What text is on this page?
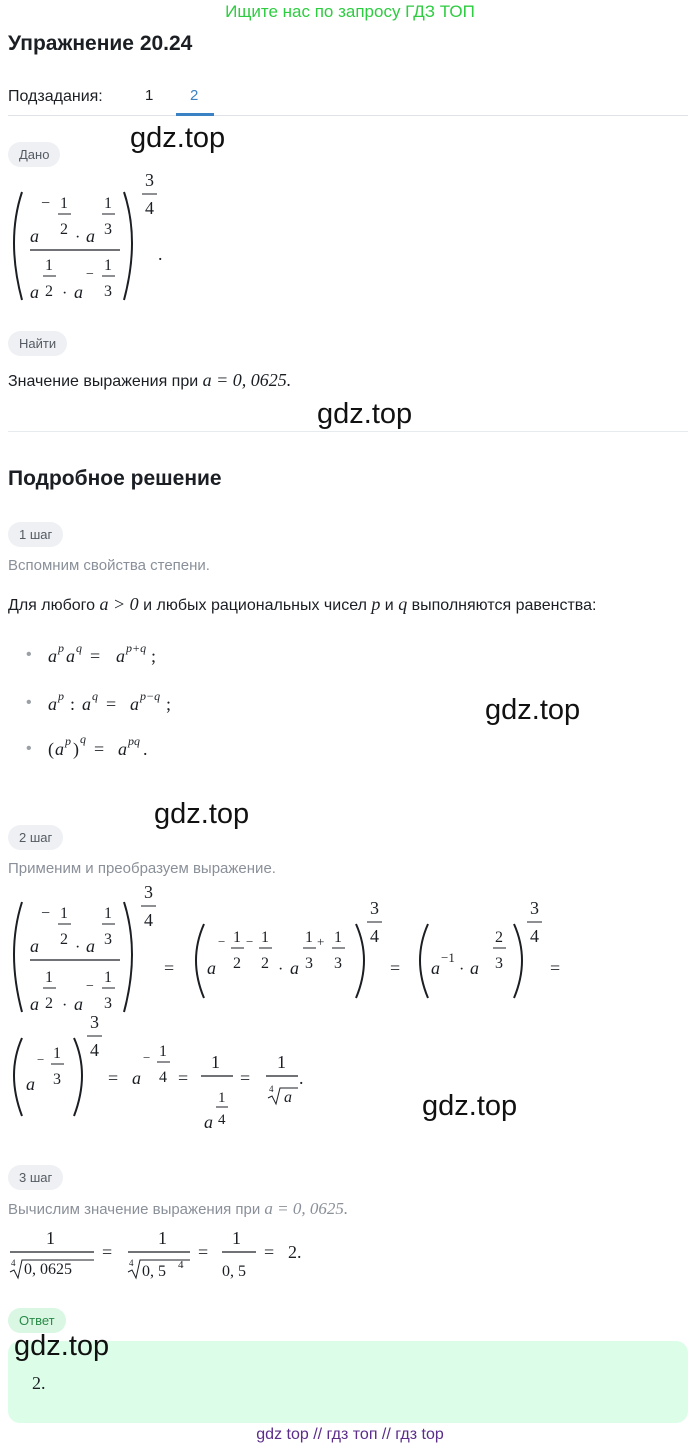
Ищите нас по запросу ГДЗ ТОП
Упражнение 20.24
Подзадания:	1 2
gdz.top
Дано
a
− 1
2 · a
1
3
a
1
2 · a
−
1
3
3
4
.
Найти
Значение выражения при a = 0, 0625.
gdz.top
Подробное решение
1 шаг
Вспомним свойства степени.
Для любого a > 0 и любых рациональных чисел p и q выполняются равенства:
• a p a q = a p+q ;
• a p : a q = a p−q ;	gdz.top
• ( a p ) q = a pq .
gdz.top
2 шаг
Применим и преобразуем выражение.
a
− 1
2 · a
1
3
a
1
2 · a
−
1
3
3
4
= a
− 1
2
− 1
2 · a
1
3
+ 1
3
3
4
= a
−1
· a
2
3
3
4
=
a
− 1
3
3
4
= a
− 1
4 =
1
a
1
4
=
1
4 a
.
gdz.top
3 шаг
Вычислим значение выражения при a = 0, 0625.
1
4 0, 0625
=
1
4 0, 5 4
=
1
0, 5
= 2.
Ответ
gdz.top
2.
gdz top // гдз топ // гдз top
